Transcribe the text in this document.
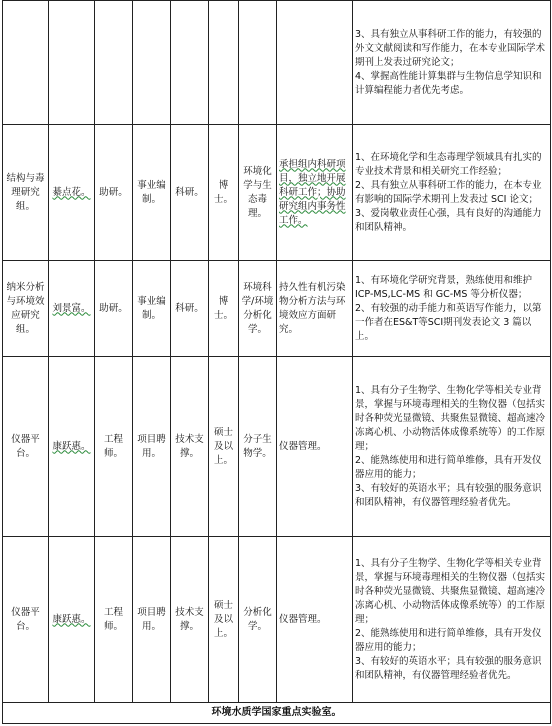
								3、具有独立从事科研工作的能力，有较强的外文文献阅读和写作能力，在本专业国际学术期刊上发表过研究论文；
4、掌握高性能计算集群与生物信息学知识和计算编程能力者优先考虑。

结构与毒理研究组。	綦点花。	助研。	事业编制。	科研。	博士。	环境化学与生态毒理。	承担组内科研项目，独立地开展科研工作；协助研究组内事务性工作。	1、在环境化学和生态毒理学领域具有扎实的专业技术背景和相关研究工作经验；
2、具有独立从事科研工作的能力，在本专业有影响的国际学术期刊上发表过 SCI 论文；
3、爱岗敬业责任心强，具有良好的沟通能力和团队精神。

纳米分析与环境效应研究组。	刘景富。	助研。	事业编制。	科研。	博士。	环境科学/环境分析化学。	持久性有机污染物分析方法与环境效应方面研究。	1、有环境化学研究背景，熟练使用和维护 ICP-MS,LC-MS 和 GC-MS 等分析仪器；
2、有较强的动手能力和英语写作能力，以第一作者在ES&T等SCI期刊发表论文 3 篇以上。

仪器平台。	康跃惠。	工程师。	项目聘用。	技术支撑。	硕士及以上。	分子生物学。	仪器管理。	1、具有分子生物学、生物化学等相关专业背景，掌握与环境毒理相关的生物仪器（包括实时各种荧光显微镜、共聚焦显微镜、超高速冷冻离心机、小动物活体成像系统等）的工作原理；
2、能熟练使用和进行简单维修，具有开发仪器应用的能力；
3、有较好的英语水平；具有较强的服务意识和团队精神，有仪器管理经验者优先。

仪器平台。	康跃惠。	工程师。	项目聘用。	技术支撑。	硕士及以上。	分析化学。	仪器管理。	1、具有分子生物学、生物化学等相关专业背景，掌握与环境毒理相关的生物仪器（包括实时各种荧光显微镜、共聚焦显微镜、超高速冷冻离心机、小动物活体成像系统等）的工作原理；
2、能熟练使用和进行简单维修，具有开发仪器应用的能力；
3、有较好的英语水平；具有较强的服务意识和团队精神，有仪器管理经验者优先。

环境水质学国家重点实验室。								
